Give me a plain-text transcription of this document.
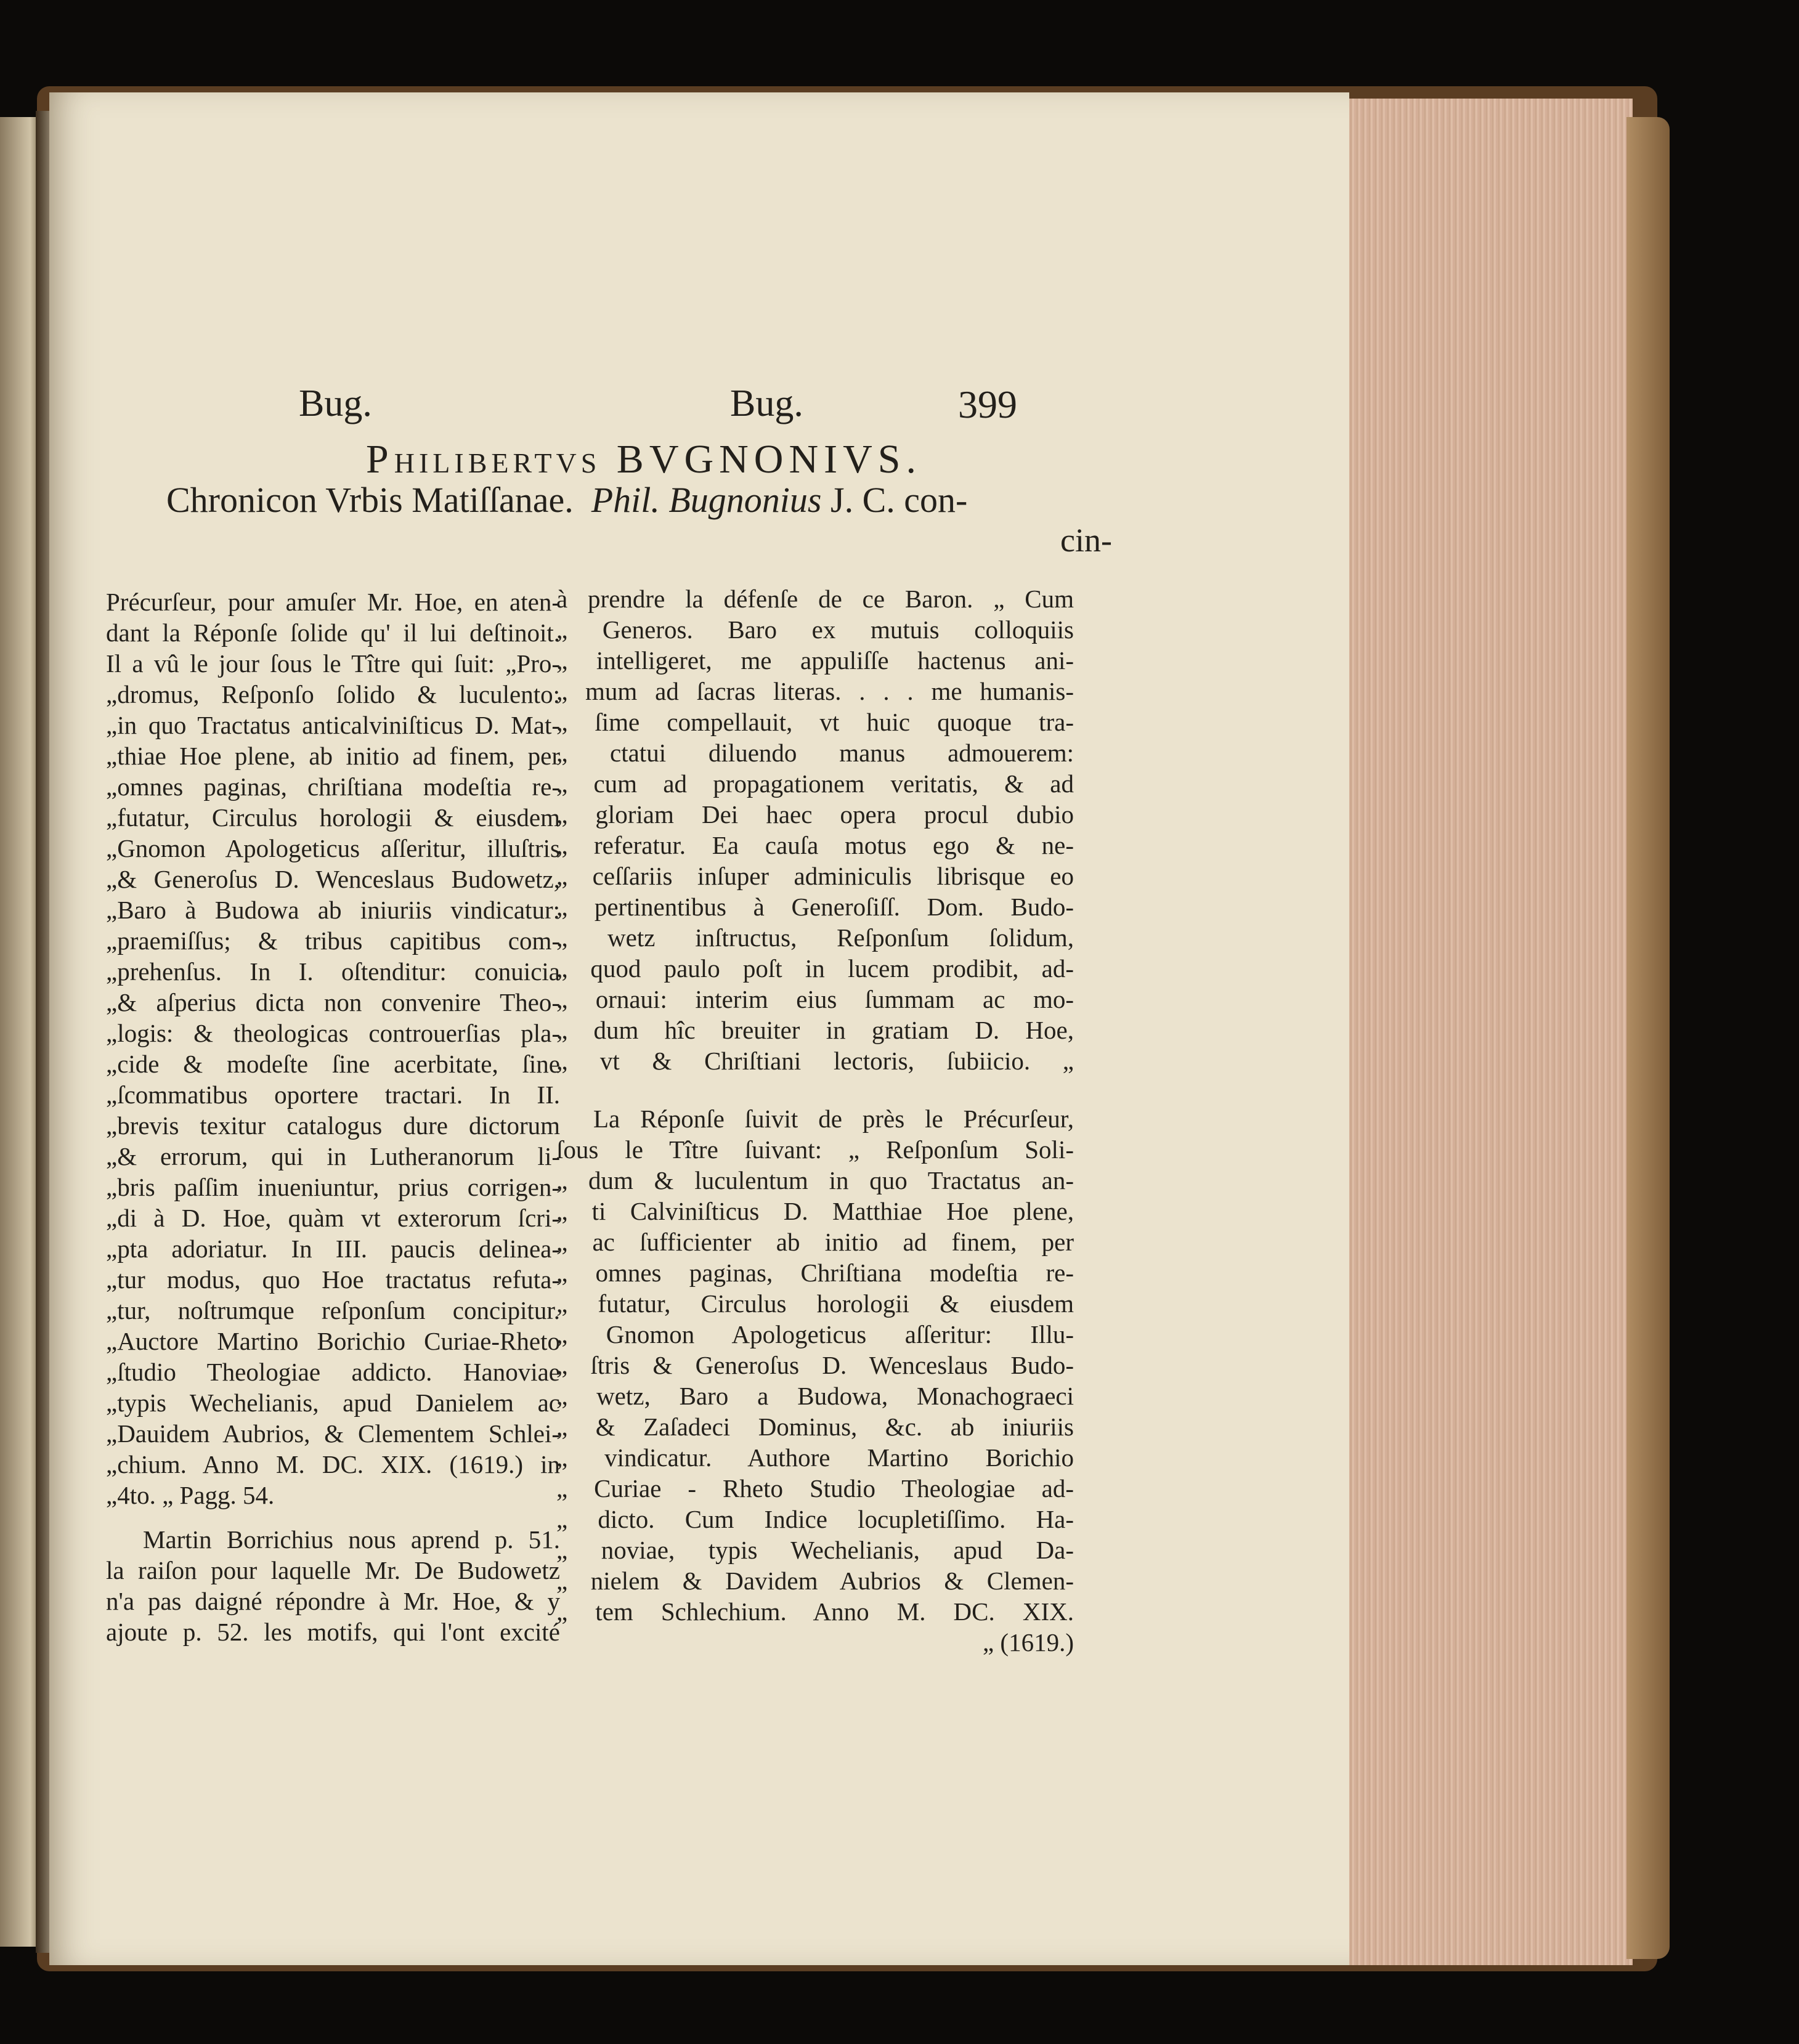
Bug.	Bug.	399
PHILIBERTVS BVGNONIVS.
Chronicon Vrbis Matiſſanae. Phil. Bugnonius J. C. con-
cin-
Précurſeur, pour amuſer Mr. Hoe, en aten-
dant la Réponſe ſolide qu' il lui deſtinoit.
Il a vû le jour ſous le Tître qui ſuit: „Pro-
„dromus, Reſponſo ſolido & luculento:
„in quo Tractatus anticalviniſticus D. Mat-
„thiae Hoe plene, ab initio ad finem, per
„omnes paginas, chriſtiana modeſtia re-
„futatur, Circulus horologii & eiusdem
„Gnomon Apologeticus aſſeritur, illuſtris
„& Generoſus D. Wenceslaus Budowetz,
„Baro à Budowa ab iniuriis vindicatur:
„praemiſſus; & tribus capitibus com-
„prehenſus. In I. oſtenditur: conuicia
„& aſperius dicta non convenire Theo-
„logis: & theologicas controuerſias pla-
„cide & modeſte ſine acerbitate, ſine
„ſcommatibus oportere tractari. In II.
„brevis texitur catalogus dure dictorum
„& errorum, qui in Lutheranorum li-
„bris paſſim inueniuntur, prius corrigen-
„di à D. Hoe, quàm vt exterorum ſcri-
„pta adoriatur. In III. paucis delinea-
„tur modus, quo Hoe tractatus refuta-
„tur, noſtrumque reſponſum concipitur.
„Auctore Martino Borichio Curiae-Rheto
„ſtudio Theologiae addicto. Hanoviae
„typis Wechelianis, apud Danielem ac
„Dauidem Aubrios, & Clementem Schlei-
„chium. Anno M. DC. XIX. (1619.) in
„4to. „ Pagg. 54.
Martin Borrichius nous aprend p. 51.
la raiſon pour laquelle Mr. De Budowetz
n'a pas daigné répondre à Mr. Hoe, & y
ajoute p. 52. les motifs, qui l'ont excité
à prendre la défenſe de ce Baron. „ Cum
„ Generos. Baro ex mutuis colloquiis
„ intelligeret, me appuliſſe hactenus ani-
„ mum ad ſacras literas. . . . me humanis-
„ ſime compellauit, vt huic quoque tra-
„ ctatui diluendo manus admouerem:
„ cum ad propagationem veritatis, & ad
„ gloriam Dei haec opera procul dubio
„ referatur. Ea cauſa motus ego & ne-
„ ceſſariis inſuper adminiculis librisque eo
„ pertinentibus à Generoſiſſ. Dom. Budo-
„ wetz inſtructus, Reſponſum ſolidum,
„ quod paulo poſt in lucem prodibit, ad-
„ ornaui: interim eius ſummam ac mo-
„ dum hîc breuiter in gratiam D. Hoe,
„ vt & Chriſtiani lectoris, ſubiicio. „
La Réponſe ſuivit de près le Précurſeur,
ſous le Tître ſuivant: „ Reſponſum Soli-
„ dum & luculentum in quo Tractatus an-
„ ti Calviniſticus D. Matthiae Hoe plene,
„ ac ſufficienter ab initio ad finem, per
„ omnes paginas, Chriſtiana modeſtia re-
„ futatur, Circulus horologii & eiusdem
„ Gnomon Apologeticus aſſeritur: Illu-
„ ſtris & Generoſus D. Wenceslaus Budo-
„ wetz, Baro a Budowa, Monachograeci
„ & Zaſadeci Dominus, &c. ab iniuriis
„ vindicatur. Authore Martino Borichio
„ Curiae - Rheto Studio Theologiae ad-
„ dicto. Cum Indice locupletiſſimo. Ha-
„ noviae, typis Wechelianis, apud Da-
„ nielem & Davidem Aubrios & Clemen-
„ tem Schlechium. Anno M. DC. XIX.
„ (1619.)
